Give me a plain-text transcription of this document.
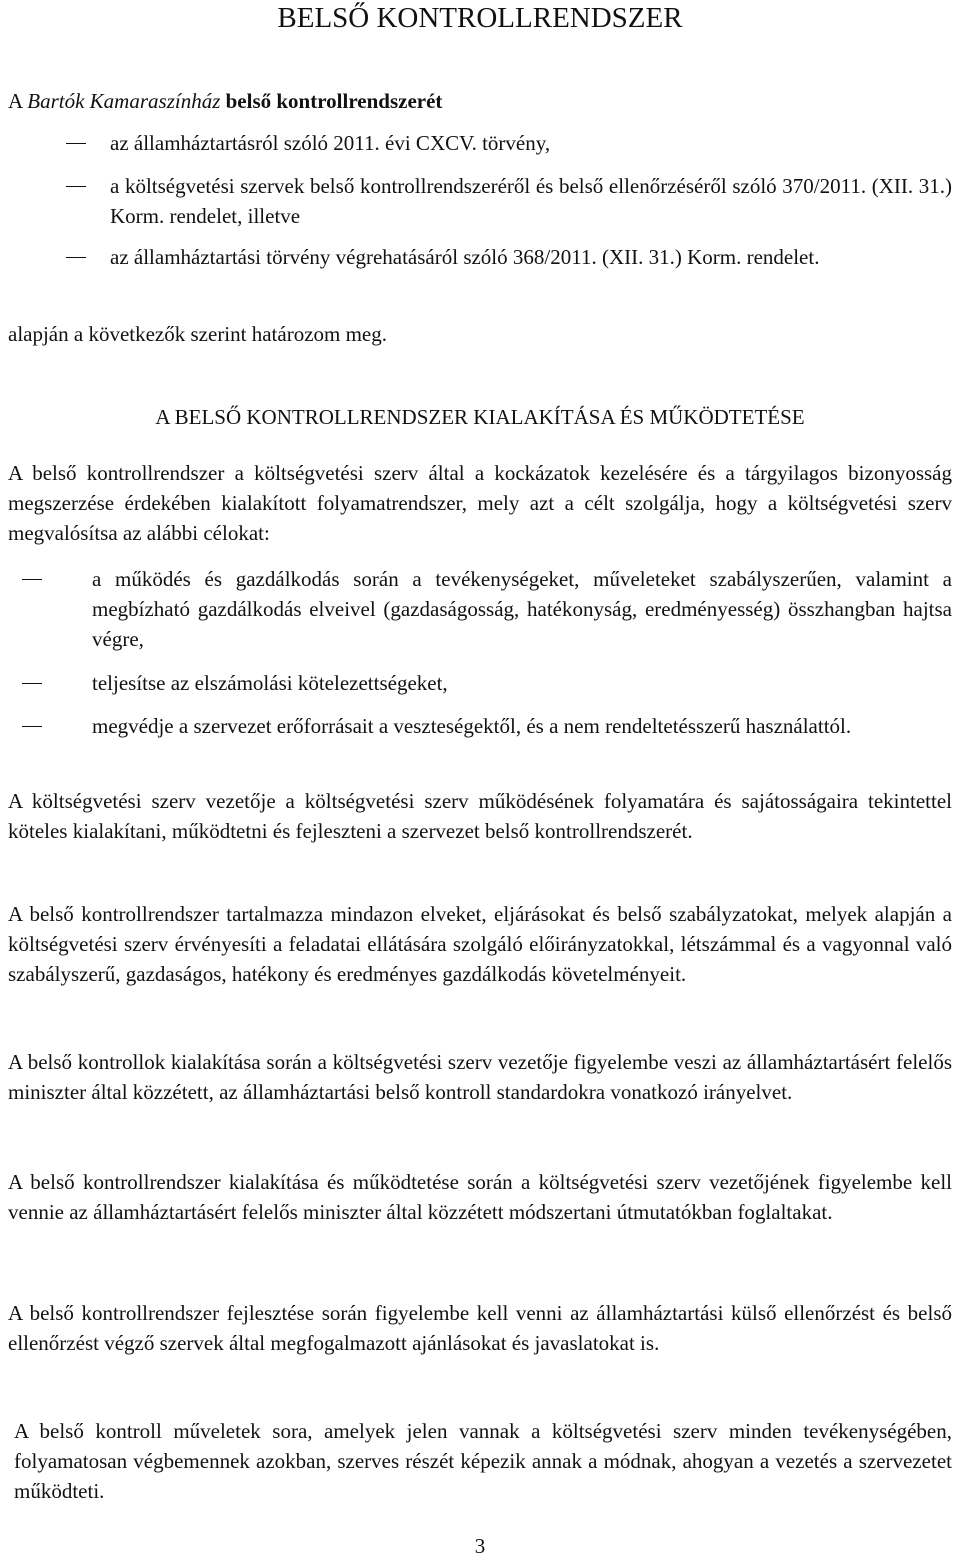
BELSŐ KONTROLLRENDSZER

A Bartók Kamaraszínház belső kontrollrendszerét

az államháztartásról szóló 2011. évi CXCV. törvény,

a költségvetési szervek belső kontrollrendszeréről és belső ellenőrzéséről szóló 370/2011. (XII. 31.) Korm. rendelet, illetve

az államháztartási törvény végrehatásáról szóló 368/2011. (XII. 31.) Korm. rendelet.

alapján a következők szerint határozom meg.

A BELSŐ KONTROLLRENDSZER KIALAKÍTÁSA ÉS MŰKÖDTETÉSE

A belső kontrollrendszer a költségvetési szerv által a kockázatok kezelésére és a tárgyilagos bizonyosság megszerzése érdekében kialakított folyamatrendszer, mely azt a célt szolgálja, hogy a költségvetési szerv megvalósítsa az alábbi célokat:

a működés és gazdálkodás során a tevékenységeket, műveleteket szabályszerűen, valamint a megbízható gazdálkodás elveivel (gazdaságosság, hatékonyság, eredményesség) összhangban hajtsa végre,

teljesítse az elszámolási kötelezettségeket,

megvédje a szervezet erőforrásait a veszteségektől, és a nem rendeltetésszerű használattól.

A költségvetési szerv vezetője a költségvetési szerv működésének folyamatára és sajátosságaira tekintettel köteles kialakítani, működtetni és fejleszteni a szervezet belső kontrollrendszerét.

A belső kontrollrendszer tartalmazza mindazon elveket, eljárásokat és belső szabályzatokat, melyek alapján a költségvetési szerv érvényesíti a feladatai ellátására szolgáló előirányzatokkal, létszámmal és a vagyonnal való szabályszerű, gazdaságos, hatékony és eredményes gazdálkodás követelményeit.

A belső kontrollok kialakítása során a költségvetési szerv vezetője figyelembe veszi az államháztartásért felelős miniszter által közzétett, az államháztartási belső kontroll standardokra vonatkozó irányelvet.

A belső kontrollrendszer kialakítása és működtetése során a költségvetési szerv vezetőjének figyelembe kell vennie az államháztartásért felelős miniszter által közzétett módszertani útmutatókban foglaltakat.

A belső kontrollrendszer fejlesztése során figyelembe kell venni az államháztartási külső ellenőrzést és belső ellenőrzést végző szervek által megfogalmazott ajánlásokat és javaslatokat is.

A belső kontroll műveletek sora, amelyek jelen vannak a költségvetési szerv minden tevékenységében, folyamatosan végbemennek azokban, szerves részét képezik annak a módnak, ahogyan a vezetés a szervezetet működteti.

3
